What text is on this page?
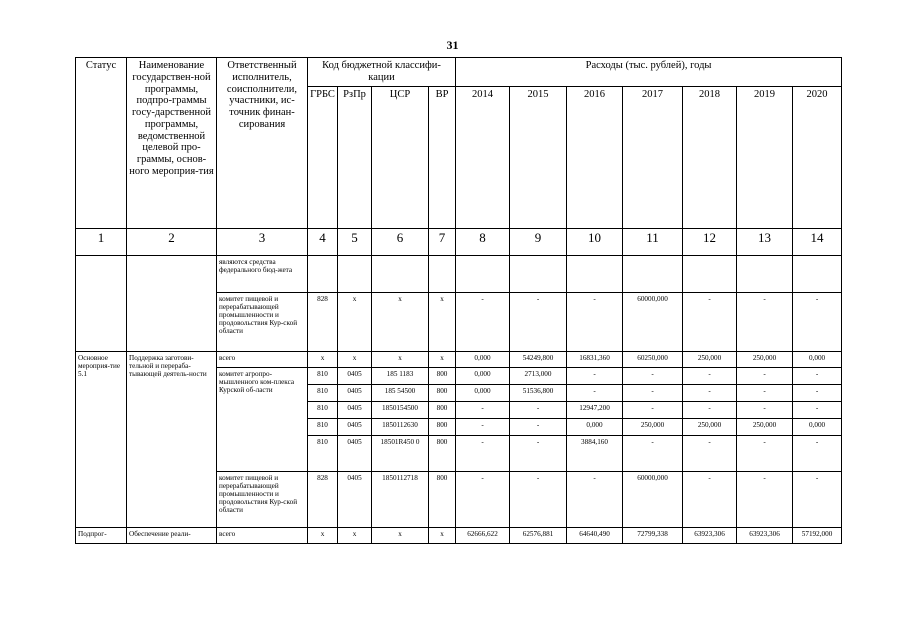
31
Статус	Наименование государствен-ной программы, подпро-граммы госу-дарственной программы, ведомственной целевой про-граммы, основ-ного мероприя-тия	Ответственный исполнитель, соисполнители, участники, ис-точник финан-сирования	Код бюджетной классифи-кации				Расходы (тыс. рублей), годы						
			ГРБС	РзПр	ЦСР	ВР	2014	2015	2016	2017	2018	2019	2020
1	2	3	4	5	6	7	8	9	10	11	12	13	14
		являются средства федерального бюд-жета											
		комитет пищевой и перерабатывающей промышленности и продовольствия Кур-ской области	828	х	х	х	-	-	-	60000,000	-	-	-
Основное мероприя-тие 5.1	Поддержка заготови-тельной и перераба-тывающей деятель-ности	всего	х	х	х	х	0,000	54249,800	16831,360	60250,000	250,000	250,000	0,000
		комитет агропро-мышленного ком-плекса Курской об-ласти	810	0405	185 1183	800	0,000	2713,000	-	-	-	-	-
			810	0405	185 54500	800	0,000	51536,800	-	-	-	-	-
			810	0405	1850154500	800	-	-	12947,200	-	-	-	-
			810	0405	1850112630	800	-	-	0,000	250,000	250,000	250,000	0,000
			810	0405	18501R450 0	800	-	-	3884,160	-	-	-	-
		комитет пищевой и перерабатывающей промышленности и продовольствия Кур-ской области	828	0405	1850112718	800	-	-	-	60000,000	-	-	-
Подпрог-	Обеспечение реали-	всего	х	х	х	х	62666,622	62576,881	64640,490	72799,338	63923,306	63923,306	57192,000
